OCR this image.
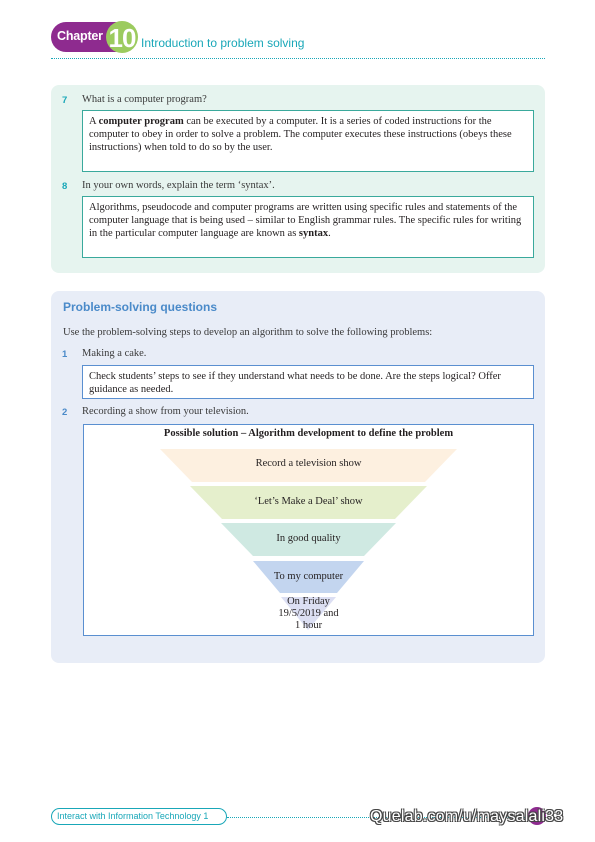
Chapter 10 Introduction to problem solving
7 What is a computer program?
A computer program can be executed by a computer. It is a series of coded instructions for the computer to obey in order to solve a problem. The computer executes these instructions (obeys these instructions) when told to do so by the user.
8 In your own words, explain the term ‘syntax’.
Algorithms, pseudocode and computer programs are written using specific rules and statements of the computer language that is being used – similar to English grammar rules. The specific rules for writing in the particular computer language are known as syntax.
Problem-solving questions
Use the problem-solving steps to develop an algorithm to solve the following problems:
1 Making a cake.
Check students’ steps to see if they understand what needs to be done. Are the steps logical? Offer guidance as needed.
2 Recording a show from your television.
Possible solution – Algorithm development to define the problem
Record a television show
‘Let’s Make a Deal’ show
In good quality
To my computer
On Friday
19/5/2019 and
1 hour
Interact with Information Technology 1	Quelab.com/u/maysalali33
